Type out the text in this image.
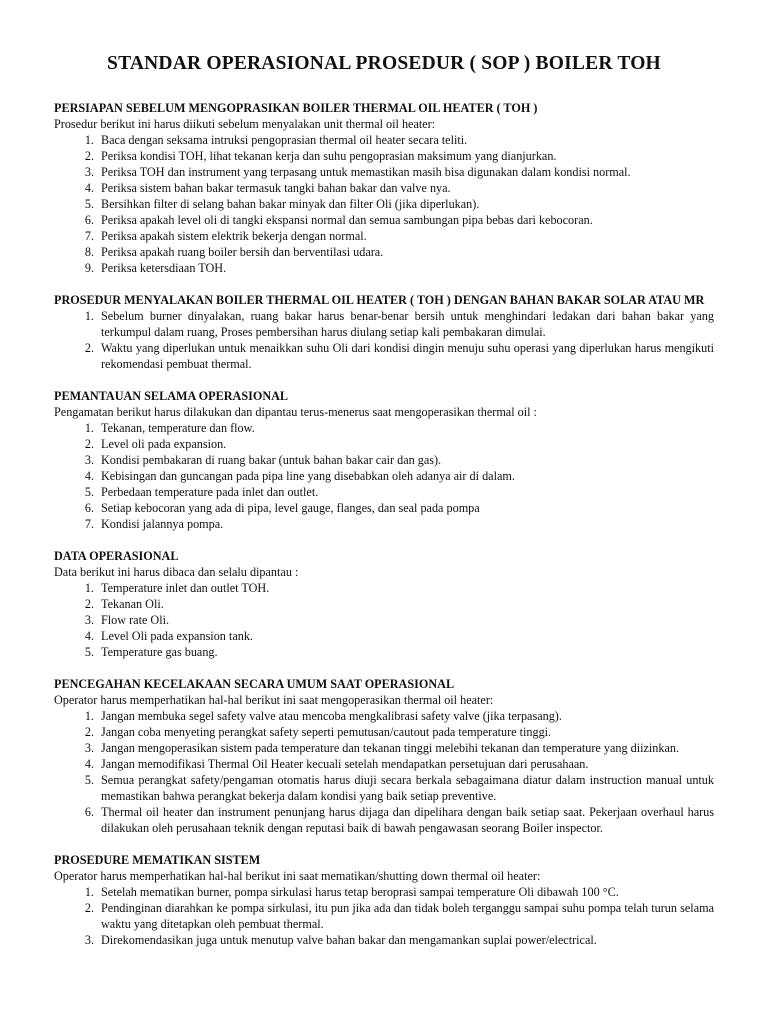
STANDAR OPERASIONAL PROSEDUR ( SOP ) BOILER TOH

PERSIAPAN SEBELUM MENGOPRASIKAN BOILER THERMAL OIL HEATER ( TOH )

Prosedur berikut ini harus diikuti sebelum menyalakan unit thermal oil heater:

1. Baca dengan seksama intruksi pengoprasian thermal oil heater secara teliti.
2. Periksa kondisi TOH, lihat tekanan kerja dan suhu pengoprasian maksimum yang dianjurkan.
3. Periksa TOH dan instrument yang terpasang untuk memastikan masih bisa digunakan dalam kondisi normal.
4. Periksa sistem bahan bakar termasuk tangki bahan bakar dan valve nya.
5. Bersihkan filter di selang bahan bakar minyak dan filter Oli (jika diperlukan).
6. Periksa apakah level oli di tangki ekspansi normal dan semua sambungan pipa bebas dari kebocoran.
7. Periksa apakah sistem elektrik bekerja dengan normal.
8. Periksa apakah ruang boiler bersih dan berventilasi udara.
9. Periksa ketersdiaan TOH.

PROSEDUR MENYALAKAN BOILER THERMAL OIL HEATER ( TOH ) DENGAN BAHAN BAKAR SOLAR ATAU MR

1. Sebelum burner dinyalakan, ruang bakar harus benar-benar bersih untuk menghindari ledakan dari bahan bakar yang terkumpul dalam ruang, Proses pembersihan harus diulang setiap kali pembakaran dimulai.
2. Waktu yang diperlukan untuk menaikkan suhu Oli dari kondisi dingin menuju suhu operasi yang diperlukan harus mengikuti rekomendasi pembuat thermal.

PEMANTAUAN SELAMA OPERASIONAL

Pengamatan berikut harus dilakukan dan dipantau terus-menerus saat mengoperasikan thermal oil :

1. Tekanan, temperature dan flow.
2. Level oli pada expansion.
3. Kondisi pembakaran di ruang bakar (untuk bahan bakar cair dan gas).
4. Kebisingan dan guncangan pada pipa line yang disebabkan oleh adanya air di dalam.
5. Perbedaan temperature pada inlet dan outlet.
6. Setiap kebocoran yang ada di pipa, level gauge, flanges, dan seal pada pompa
7. Kondisi jalannya pompa.

DATA OPERASIONAL

Data berikut ini harus dibaca dan selalu dipantau :

1. Temperature inlet dan outlet TOH.
2. Tekanan Oli.
3. Flow rate Oli.
4. Level Oli pada expansion tank.
5. Temperature gas buang.

PENCEGAHAN KECELAKAAN SECARA UMUM SAAT OPERASIONAL

Operator harus memperhatikan hal-hal berikut ini saat mengoperasikan thermal oil heater:

1. Jangan membuka segel safety valve atau mencoba mengkalibrasi safety valve (jika terpasang).
2. Jangan coba menyeting perangkat safety seperti pemutusan/cautout pada temperature tinggi.
3. Jangan mengoperasikan sistem pada temperature dan tekanan tinggi melebihi tekanan dan temperature yang diizinkan.
4. Jangan memodifikasi Thermal Oil Heater kecuali setelah mendapatkan persetujuan dari perusahaan.
5. Semua perangkat safety/pengaman otomatis harus diuji secara berkala sebagaimana diatur dalam instruction manual untuk memastikan bahwa perangkat bekerja dalam kondisi yang baik setiap preventive.
6. Thermal oil heater dan instrument penunjang harus dijaga dan dipelihara dengan baik setiap saat. Pekerjaan overhaul harus dilakukan oleh perusahaan teknik dengan reputasi baik di bawah pengawasan seorang Boiler inspector.

PROSEDURE MEMATIKAN SISTEM

Operator harus memperhatikan hal-hal berikut ini saat mematikan/shutting down thermal oil heater:

1. Setelah mematikan burner, pompa sirkulasi harus tetap beroprasi sampai temperature Oli dibawah 100 °C.
2. Pendinginan diarahkan ke pompa sirkulasi, itu pun jika ada dan tidak boleh terganggu sampai suhu pompa telah turun selama waktu yang ditetapkan oleh pembuat thermal.
3. Direkomendasikan juga untuk menutup valve bahan bakar dan mengamankan suplai power/electrical.
